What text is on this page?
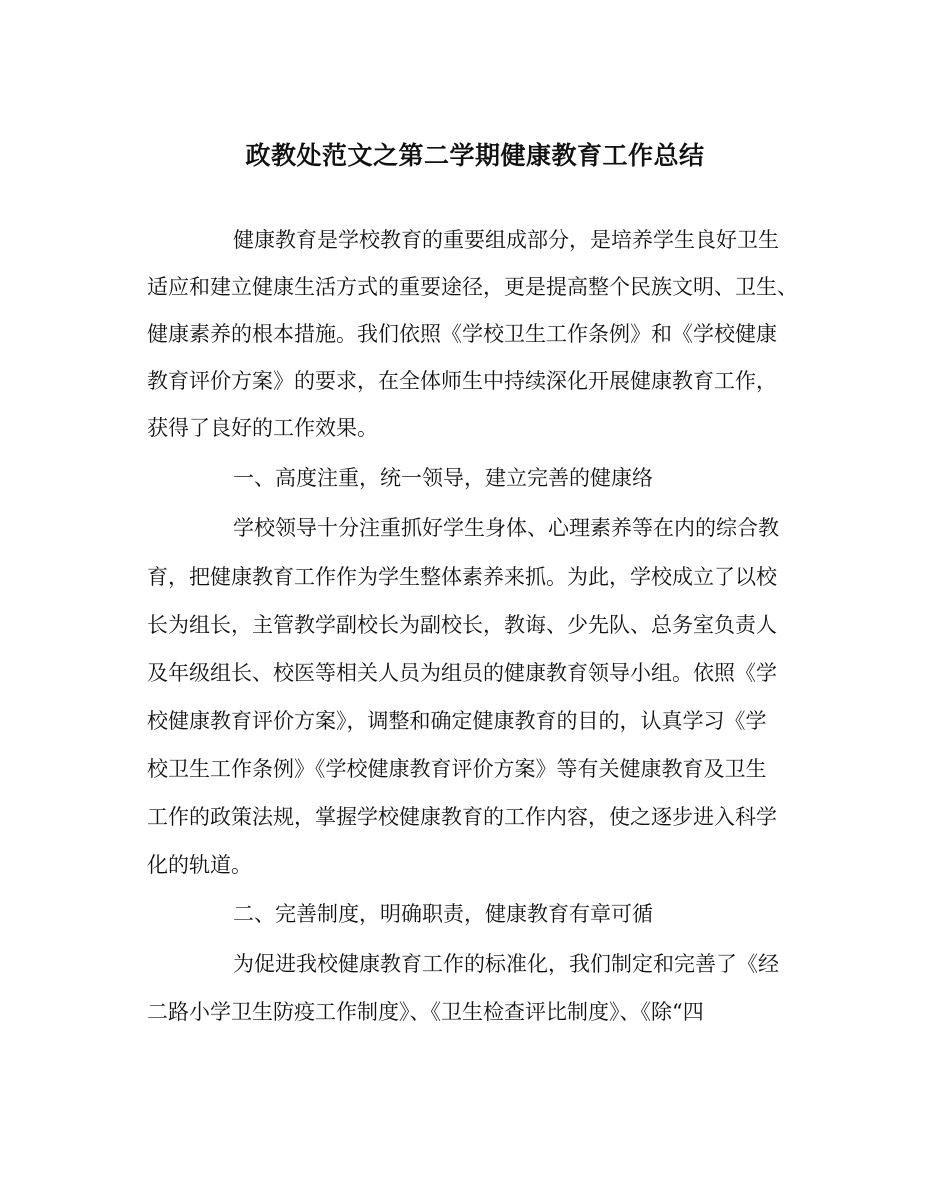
政教处范文之第二学期健康教育工作总结
健康教育是学校教育的重要组成部分，是培养学生良好卫生
适应和建立健康生活方式的重要途径，更是提高整个民族文明、卫生、
健康素养的根本措施。我们依照《学校卫生工作条例》和《学校健康
教育评价方案》的要求，在全体师生中持续深化开展健康教育工作，
获得了良好的工作效果。
一、高度注重，统一领导，建立完善的健康络
学校领导十分注重抓好学生身体、心理素养等在内的综合教
育，把健康教育工作作为学生整体素养来抓。为此，学校成立了以校
长为组长，主管教学副校长为副校长，教诲、少先队、总务室负责人
及年级组长、校医等相关人员为组员的健康教育领导小组。依照《学
校健康教育评价方案》，调整和确定健康教育的目的，认真学习《学
校卫生工作条例》《学校健康教育评价方案》等有关健康教育及卫生
工作的政策法规，掌握学校健康教育的工作内容，使之逐步进入科学
化的轨道。
二、完善制度，明确职责，健康教育有章可循
为促进我校健康教育工作的标准化，我们制定和完善了《经
二路小学卫生防疫工作制度》、《卫生检查评比制度》、《除“四
